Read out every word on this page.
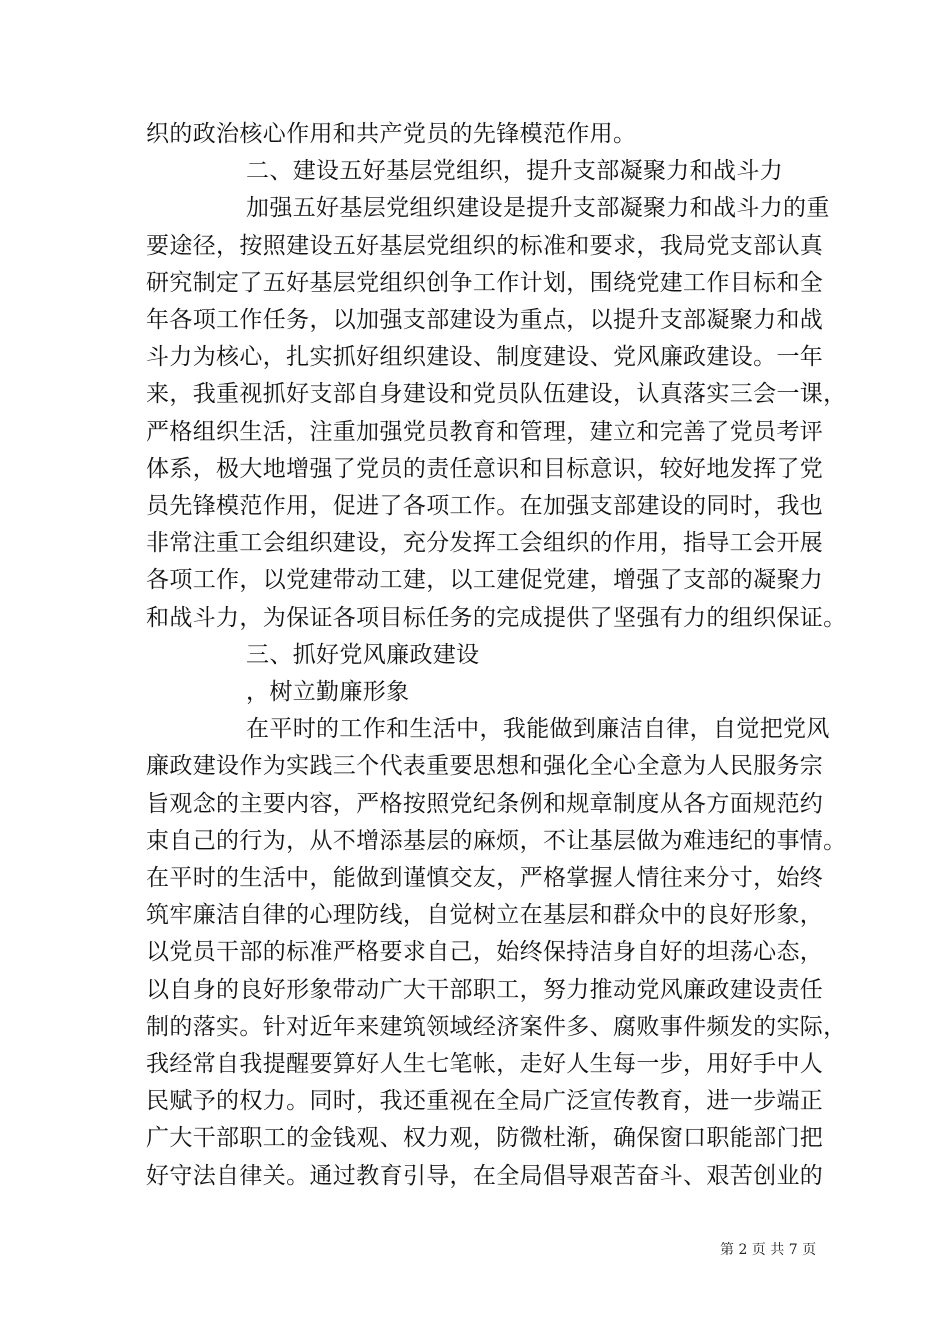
织的政治核心作用和共产党员的先锋模范作用。
二、建设五好基层党组织，提升支部凝聚力和战斗力
加强五好基层党组织建设是提升支部凝聚力和战斗力的重
要途径，按照建设五好基层党组织的标准和要求，我局党支部认真
研究制定了五好基层党组织创争工作计划，围绕党建工作目标和全
年各项工作任务，以加强支部建设为重点，以提升支部凝聚力和战
斗力为核心，扎实抓好组织建设、制度建设、党风廉政建设。一年
来，我重视抓好支部自身建设和党员队伍建设，认真落实三会一课，
严格组织生活，注重加强党员教育和管理，建立和完善了党员考评
体系，极大地增强了党员的责任意识和目标意识，较好地发挥了党
员先锋模范作用，促进了各项工作。在加强支部建设的同时，我也
非常注重工会组织建设，充分发挥工会组织的作用，指导工会开展
各项工作，以党建带动工建，以工建促党建，增强了支部的凝聚力
和战斗力，为保证各项目标任务的完成提供了坚强有力的组织保证。
三、抓好党风廉政建设
，树立勤廉形象
在平时的工作和生活中，我能做到廉洁自律，自觉把党风
廉政建设作为实践三个代表重要思想和强化全心全意为人民服务宗
旨观念的主要内容，严格按照党纪条例和规章制度从各方面规范约
束自己的行为，从不增添基层的麻烦，不让基层做为难违纪的事情。
在平时的生活中，能做到谨慎交友，严格掌握人情往来分寸，始终
筑牢廉洁自律的心理防线，自觉树立在基层和群众中的良好形象，
以党员干部的标准严格要求自己，始终保持洁身自好的坦荡心态，
以自身的良好形象带动广大干部职工，努力推动党风廉政建设责任
制的落实。针对近年来建筑领域经济案件多、腐败事件频发的实际，
我经常自我提醒要算好人生七笔帐，走好人生每一步，用好手中人
民赋予的权力。同时，我还重视在全局广泛宣传教育，进一步端正
广大干部职工的金钱观、权力观，防微杜渐，确保窗口职能部门把
好守法自律关。通过教育引导，在全局倡导艰苦奋斗、艰苦创业的
第 2 页 共 7 页
